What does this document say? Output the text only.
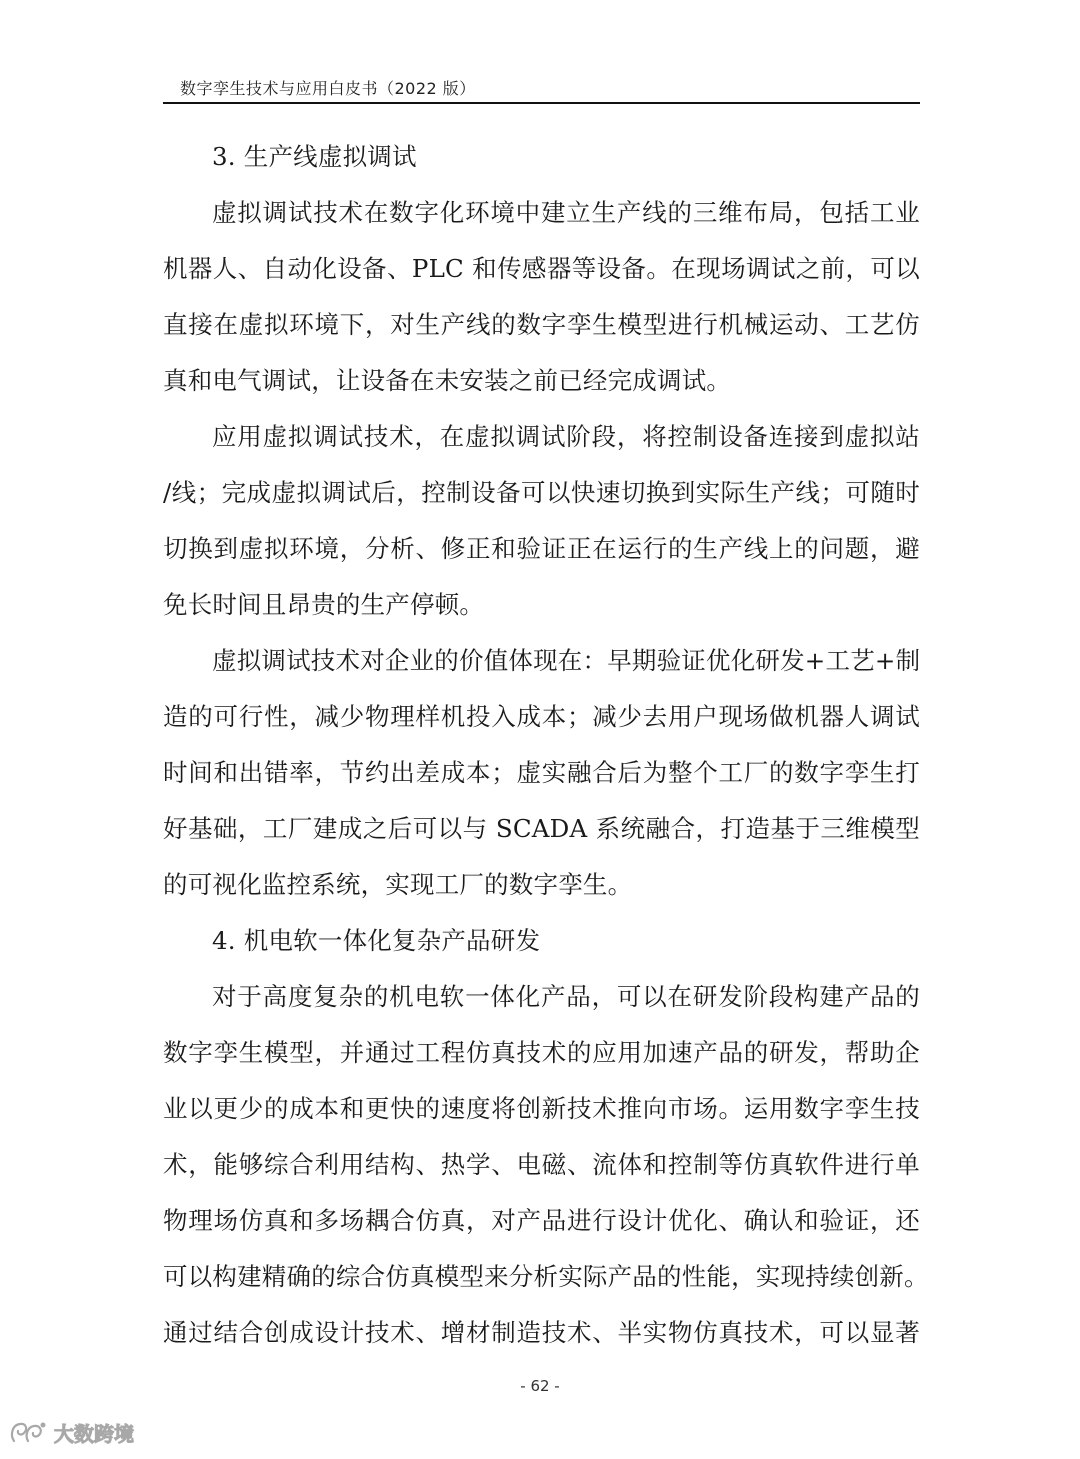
数字孪生技术与应用白皮书（2022 版）
3. 生产线虚拟调试
虚拟调试技术在数字化环境中建立生产线的三维布局，包括工业
机器人、自动化设备、PLC 和传感器等设备。在现场调试之前，可以
直接在虚拟环境下，对生产线的数字孪生模型进行机械运动、工艺仿
真和电气调试，让设备在未安装之前已经完成调试。
应用虚拟调试技术，在虚拟调试阶段，将控制设备连接到虚拟站
/线；完成虚拟调试后，控制设备可以快速切换到实际生产线；可随时
切换到虚拟环境，分析、修正和验证正在运行的生产线上的问题，避
免长时间且昂贵的生产停顿。
虚拟调试技术对企业的价值体现在：早期验证优化研发+工艺+制
造的可行性，减少物理样机投入成本；减少去用户现场做机器人调试
时间和出错率，节约出差成本；虚实融合后为整个工厂的数字孪生打
好基础，工厂建成之后可以与 SCADA 系统融合，打造基于三维模型
的可视化监控系统，实现工厂的数字孪生。
4. 机电软一体化复杂产品研发
对于高度复杂的机电软一体化产品，可以在研发阶段构建产品的
数字孪生模型，并通过工程仿真技术的应用加速产品的研发，帮助企
业以更少的成本和更快的速度将创新技术推向市场。运用数字孪生技
术，能够综合利用结构、热学、电磁、流体和控制等仿真软件进行单
物理场仿真和多场耦合仿真，对产品进行设计优化、确认和验证，还
可以构建精确的综合仿真模型来分析实际产品的性能，实现持续创新。
通过结合创成设计技术、增材制造技术、半实物仿真技术，可以显著
- 62 -
大数跨境
